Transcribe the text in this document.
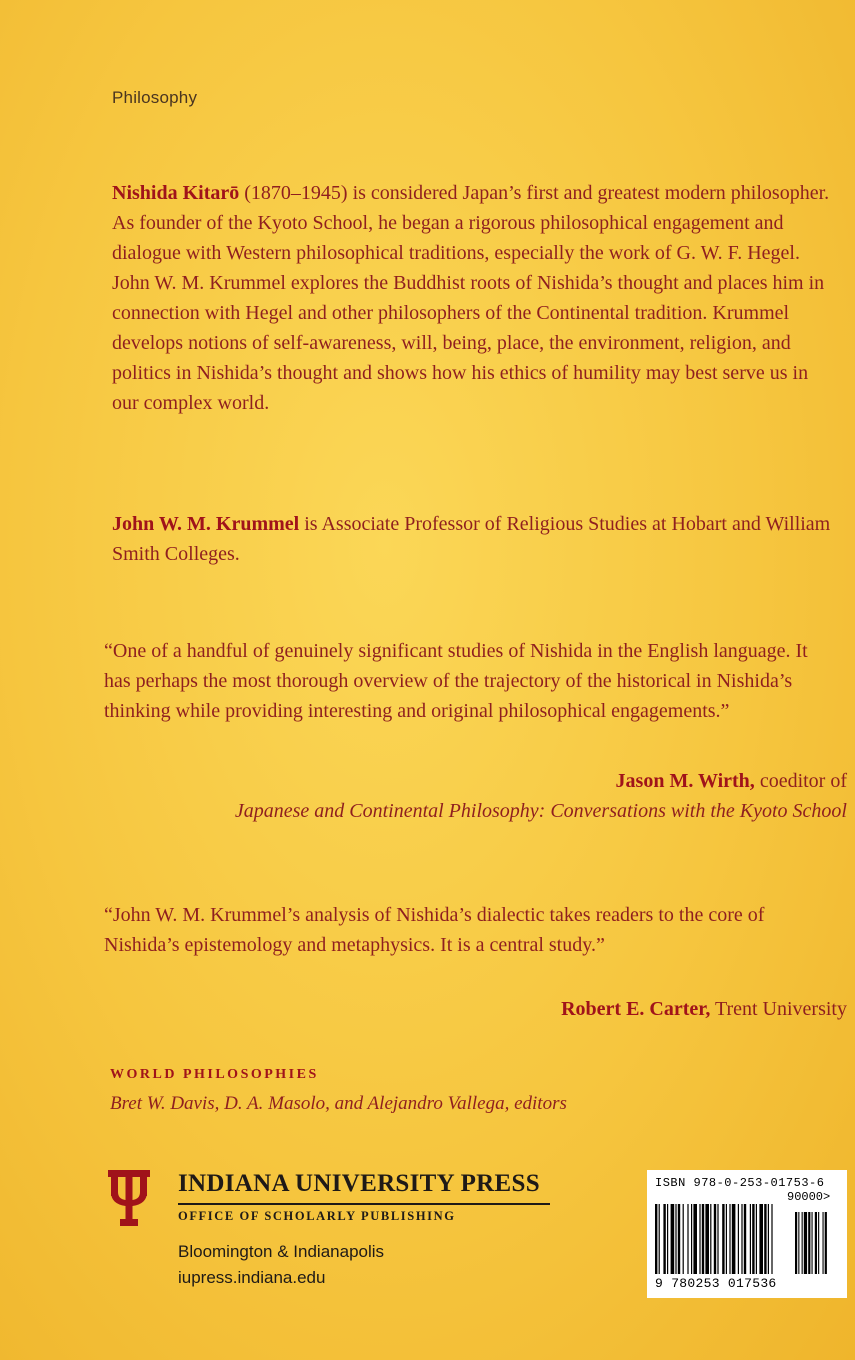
Philosophy
Nishida Kitarō (1870–1945) is considered Japan’s first and greatest modern philosopher. As founder of the Kyoto School, he began a rigorous philosophical engagement and dialogue with Western philosophical traditions, especially the work of G. W. F. Hegel. John W. M. Krummel explores the Buddhist roots of Nishida’s thought and places him in connection with Hegel and other philosophers of the Continental tradition. Krummel develops notions of self-awareness, will, being, place, the environment, religion, and politics in Nishida’s thought and shows how his ethics of humility may best serve us in our complex world.
John W. M. Krummel is Associate Professor of Religious Studies at Hobart and William Smith Colleges.
“One of a handful of genuinely significant studies of Nishida in the English language. It has perhaps the most thorough overview of the trajectory of the historical in Nishida’s thinking while providing interesting and original philosophical engagements.”
Jason M. Wirth, coeditor of
Japanese and Continental Philosophy: Conversations with the Kyoto School
“John W. M. Krummel’s analysis of Nishida’s dialectic takes readers to the core of Nishida’s epistemology and metaphysics. It is a central study.”
Robert E. Carter, Trent University
WORLD PHILOSOPHIES
Bret W. Davis, D. A. Masolo, and Alejandro Vallega, editors
INDIANA UNIVERSITY PRESS
OFFICE OF SCHOLARLY PUBLISHING
Bloomington & Indianapolis
iupress.indiana.edu
ISBN 978-0-253-01753-6
90000>
9 780253 017536
